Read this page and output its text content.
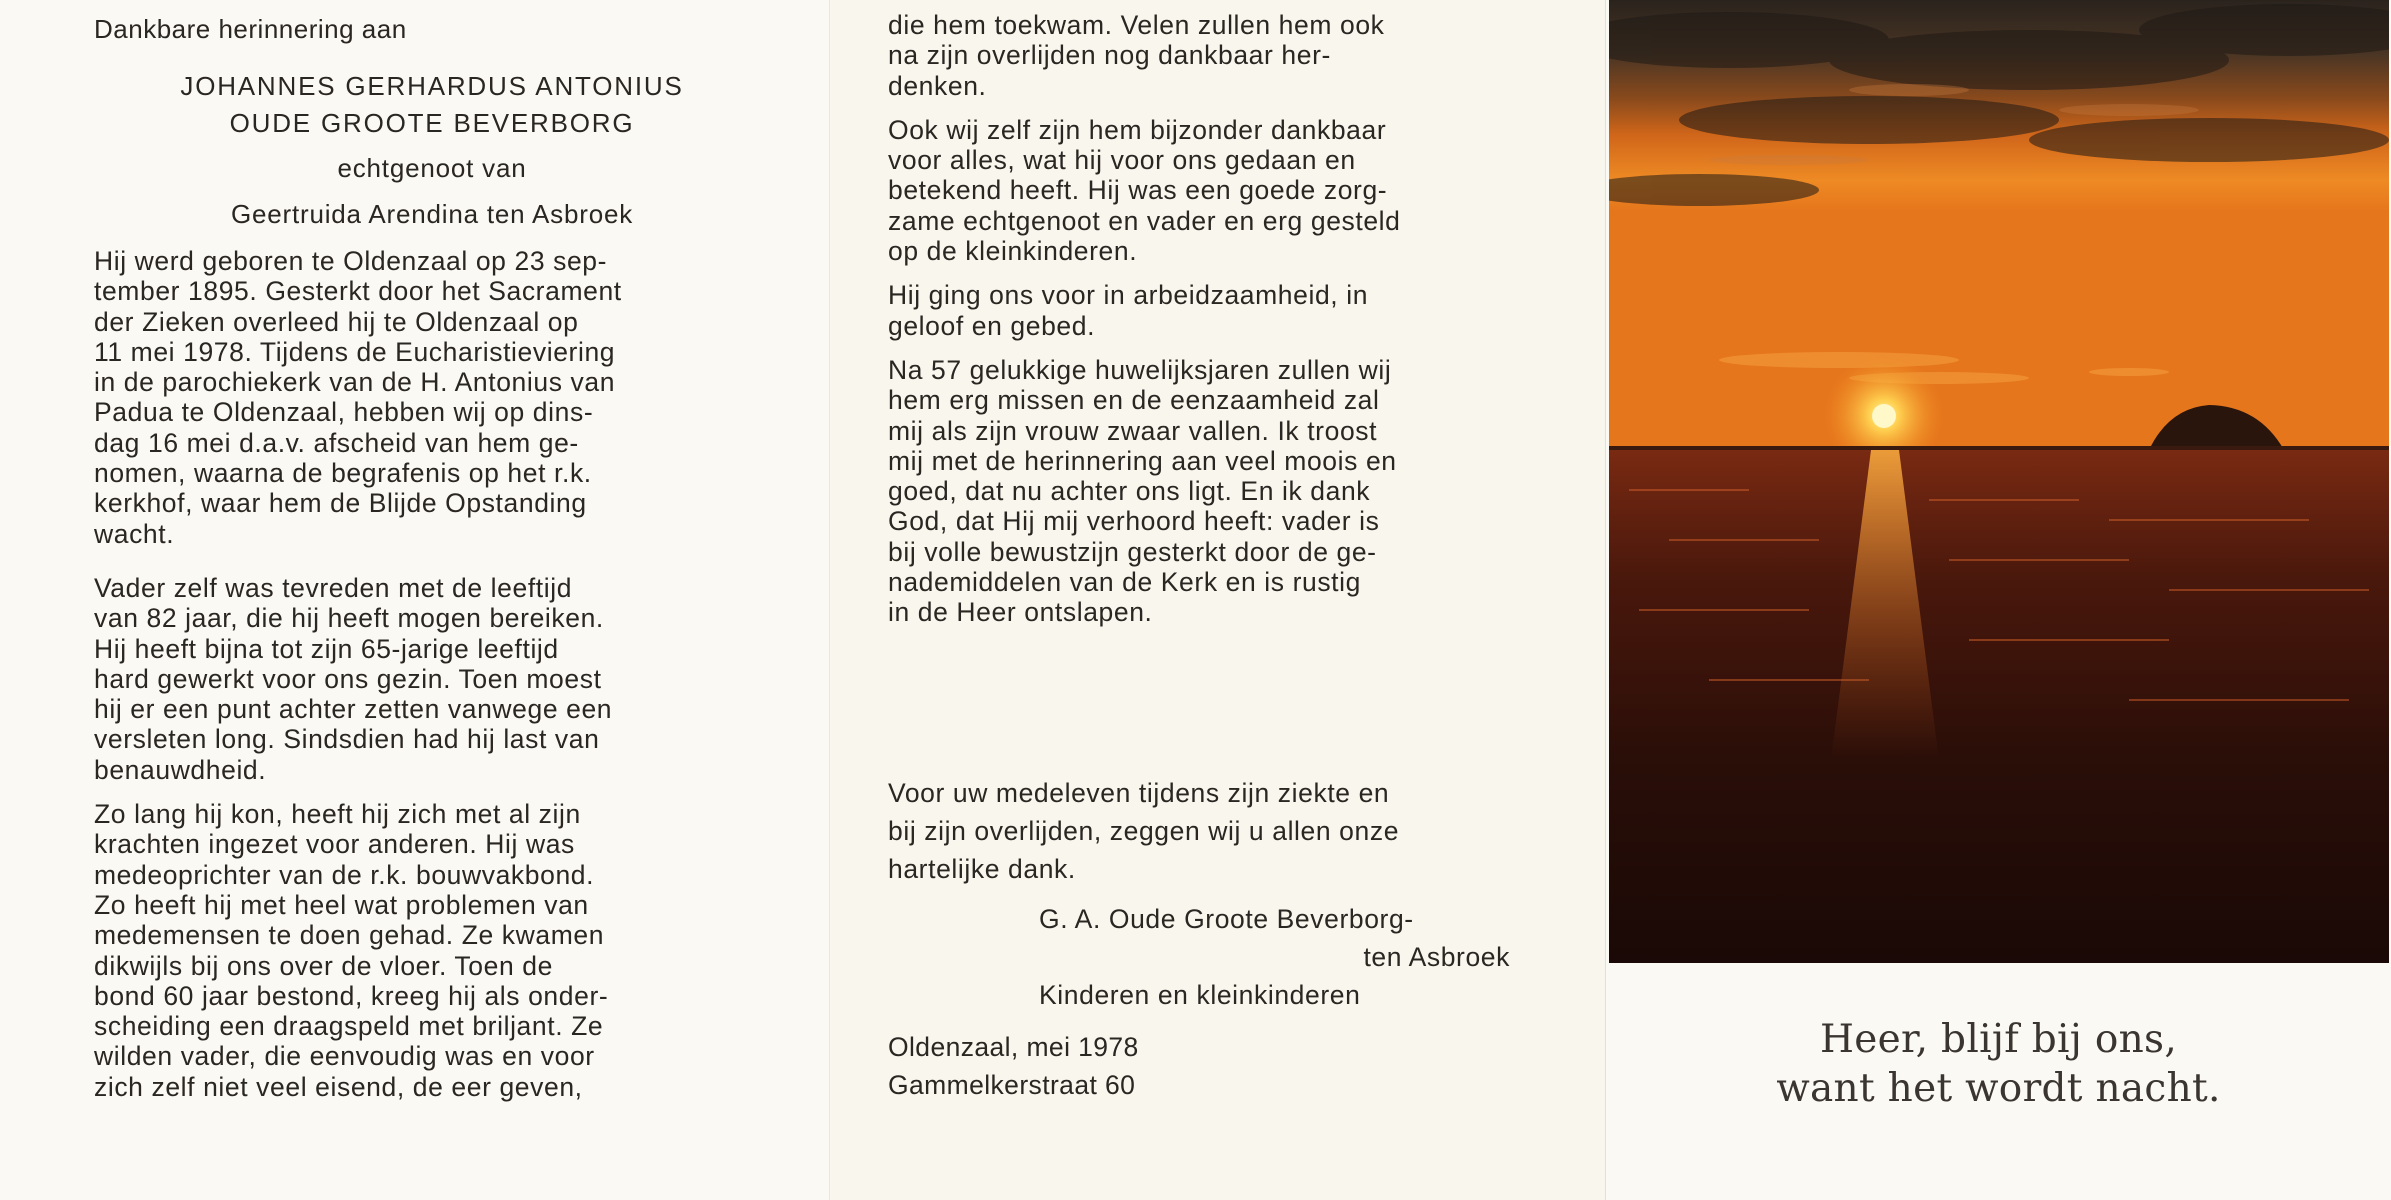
Dankbare herinnering aan

JOHANNES GERHARDUS ANTONIUS

OUDE GROOTE BEVERBORG

echtgenoot van

Geertruida Arendina ten Asbroek

Hij werd geboren te Oldenzaal op 23 sep-
tember 1895. Gesterkt door het Sacrament
der Zieken overleed hij te Oldenzaal op
11 mei 1978. Tijdens de Eucharistieviering
in de parochiekerk van de H. Antonius van
Padua te Oldenzaal, hebben wij op dins-
dag 16 mei d.a.v. afscheid van hem ge-
nomen, waarna de begrafenis op het r.k.
kerkhof, waar hem de Blijde Opstanding
wacht.

Vader zelf was tevreden met de leeftijd
van 82 jaar, die hij heeft mogen bereiken.
Hij heeft bijna tot zijn 65-jarige leeftijd
hard gewerkt voor ons gezin. Toen moest
hij er een punt achter zetten vanwege een
versleten long. Sindsdien had hij last van
benauwdheid.

Zo lang hij kon, heeft hij zich met al zijn
krachten ingezet voor anderen. Hij was
medeoprichter van de r.k. bouwvakbond.
Zo heeft hij met heel wat problemen van
medemensen te doen gehad. Ze kwamen
dikwijls bij ons over de vloer. Toen de
bond 60 jaar bestond, kreeg hij als onder-
scheiding een draagspeld met briljant. Ze
wilden vader, die eenvoudig was en voor
zich zelf niet veel eisend, de eer geven,

die hem toekwam. Velen zullen hem ook
na zijn overlijden nog dankbaar her-
denken.

Ook wij zelf zijn hem bijzonder dankbaar
voor alles, wat hij voor ons gedaan en
betekend heeft. Hij was een goede zorg-
zame echtgenoot en vader en erg gesteld
op de kleinkinderen.

Hij ging ons voor in arbeidzaamheid, in
geloof en gebed.

Na 57 gelukkige huwelijksjaren zullen wij
hem erg missen en de eenzaamheid zal
mij als zijn vrouw zwaar vallen. Ik troost
mij met de herinnering aan veel moois en
goed, dat nu achter ons ligt. En ik dank
God, dat Hij mij verhoord heeft: vader is
bij volle bewustzijn gesterkt door de ge-
nademiddelen van de Kerk en is rustig
in de Heer ontslapen.

Voor uw medeleven tijdens zijn ziekte en
bij zijn overlijden, zeggen wij u allen onze
hartelijke dank.

G. A. Oude Groote Beverborg-

ten Asbroek

Kinderen en kleinkinderen

Oldenzaal, mei 1978

Gammelkerstraat 60

Heer, blijf bij ons,

want het wordt nacht.
